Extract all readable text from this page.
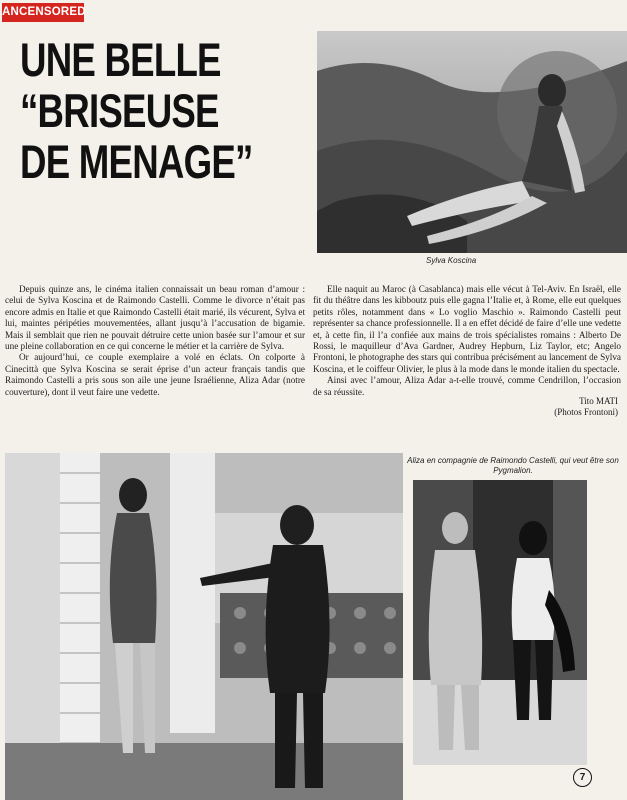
ANCENSORED
UNE BELLE
“BRISEUSE
DE MENAGE”
Sylva Koscina

Depuis quinze ans, le cinéma italien connaissait un beau roman d’amour : celui de Sylva Koscina et de Raimondo Castelli. Comme le divorce n’était pas encore admis en Italie et que Raimondo Castelli était marié, ils vécurent, Sylva et lui, maintes péripéties mouvementées, allant jusqu’à l’accusation de bigamie. Mais il semblait que rien ne pouvait détruire cette union basée sur l’amour et sur une pleine collaboration en ce qui concerne le métier et la carrière de Sylva.

Or aujourd’hui, ce couple exemplaire a volé en éclats. On colporte à Cinecittà que Sylva Koscina se serait éprise d’un acteur français tandis que Raimondo Castelli a pris sous son aile une jeune Israélienne, Aliza Adar (notre couverture), dont il veut faire une vedette.

Elle naquit au Maroc (à Casablanca) mais elle vécut à Tel-Aviv. En Israël, elle fit du théâtre dans les kibboutz puis elle gagna l’Italie et, à Rome, elle eut quelques petits rôles, notamment dans « Lo voglio Maschio ». Raimondo Castelli peut représenter sa chance professionnelle. Il a en effet décidé de faire d’elle une vedette et, à cette fin, il l’a confiée aux mains de trois spécialistes romains : Alberto De Rossi, le maquilleur d’Ava Gardner, Audrey Hepburn, Liz Taylor, etc; Angelo Frontoni, le photographe des stars qui contribua précisément au lancement de Sylva Koscina, et le coiffeur Olivier, le plus à la mode dans le monde italien du spectacle.

Ainsi avec l’amour, Aliza Adar a-t-elle trouvé, comme Cendrillon, l’occasion de sa réussite.

Tito MATI
(Photos Frontoni)
Aliza en compagnie de Raimondo Castelli, qui veut être son Pygmalion.
7
